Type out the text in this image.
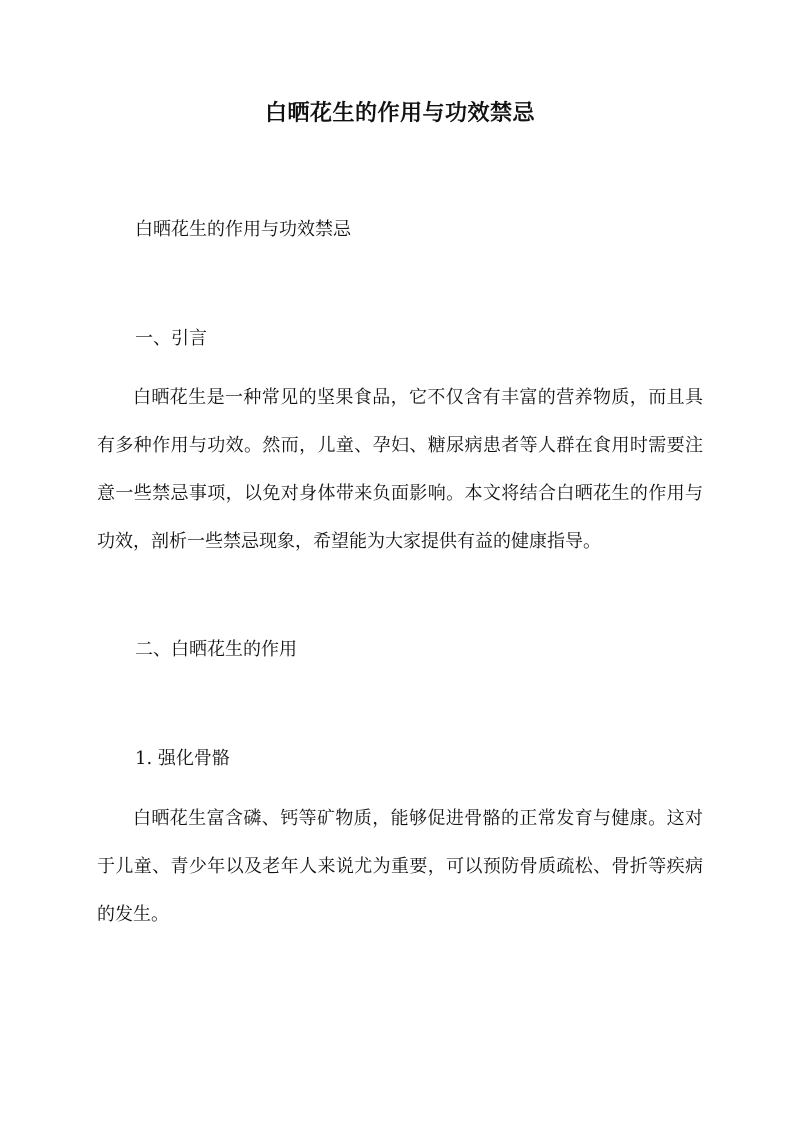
白晒花生的作用与功效禁忌
白晒花生的作用与功效禁忌
一、引言

白晒花生是一种常见的坚果食品，它不仅含有丰富的营养物质，而且具有多种作用与功效。然而，儿童、孕妇、糖尿病患者等人群在食用时需要注意一些禁忌事项，以免对身体带来负面影响。本文将结合白晒花生的作用与功效，剖析一些禁忌现象，希望能为大家提供有益的健康指导。

二、白晒花生的作用
1. 强化骨骼

白晒花生富含磷、钙等矿物质，能够促进骨骼的正常发育与健康。这对于儿童、青少年以及老年人来说尤为重要，可以预防骨质疏松、骨折等疾病的发生。
